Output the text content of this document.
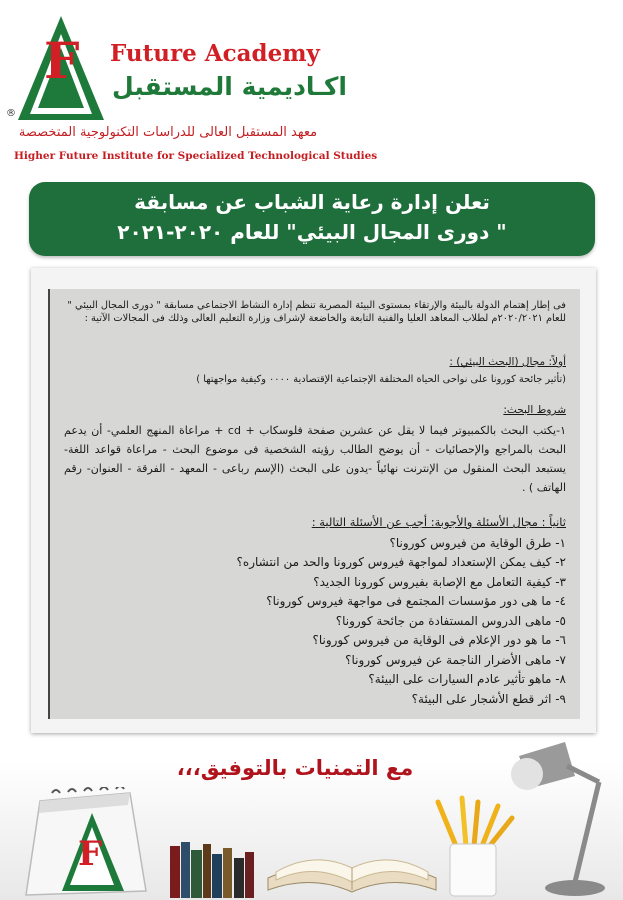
F
®
Future Academy
اكـاديمية المستقبل
معهد المستقبل العالى للدراسات التكنولوجية المتخصصة
Higher Future Institute for Specialized Technological Studies
تعلن إدارة رعاية الشباب عن مسابقة
" دورى المجال البيئي" للعام ٢٠٢٠-٢٠٢١

فى إطار إهتمام الدولة بالبيئة والإرتقاء بمستوى البيئة المصرية تنظم إدارة النشاط الاجتماعي مسابقة " دورى المجال البيئي " للعام ٢٠٢٠/٢٠٢١م لطلاب المعاهد العليا والفنية التابعة والخاضعة لإشراف وزارة التعليم العالى وذلك فى المجالات الآتية :

أولاً: مجال (البحث البيئي) :

(تأثير جائحة كورونا على نواحى الحياة المختلفة الإجتماعية الإقتصادية ٠٠٠٠ وكيفية مواجهتها )

شروط البحث:

١-يكتب البحث بالكمبيوتر فيما لا يقل عن عشرين صفحة فلوسكاب + cd + مراعاة المنهج العلمي- أن يدعم البحث بالمراجع والإحصائيات - أن يوضح الطالب رؤيته الشخصية فى موضوع البحث - مراعاة قواعد اللغة- يستبعد البحث المنقول من الإنترنت نهائياً -يدون على البحث (الإسم رباعى - المعهد - الفرقة - العنوان- رقم الهاتف ) .

ثانياً : مجال الأسئلة والأجوبة: أجب عن الأسئلة التالية :

١- طرق الوقاية من فيروس كورونا؟
٢- كيف يمكن الإستعداد لمواجهة فيروس كورونا والحد من انتشاره؟
٣- كيفية التعامل مع الإصابة بفيروس كورونا الجديد؟
٤- ما هى دور مؤسسات المجتمع فى مواجهة فيروس كورونا؟
٥- ماهى الدروس المستفادة من جائحة كورونا؟
٦- ما هو دور الإعلام فى الوقاية من فيروس كورونا؟
٧- ماهى الأضرار الناجمة عن فيروس كورونا؟
٨- ماهو تأثير عادم السيارات على البيئة؟
٩- اثر قطع الأشجار على البيئة؟
مع التمنيات بالتوفيق،،،
F
